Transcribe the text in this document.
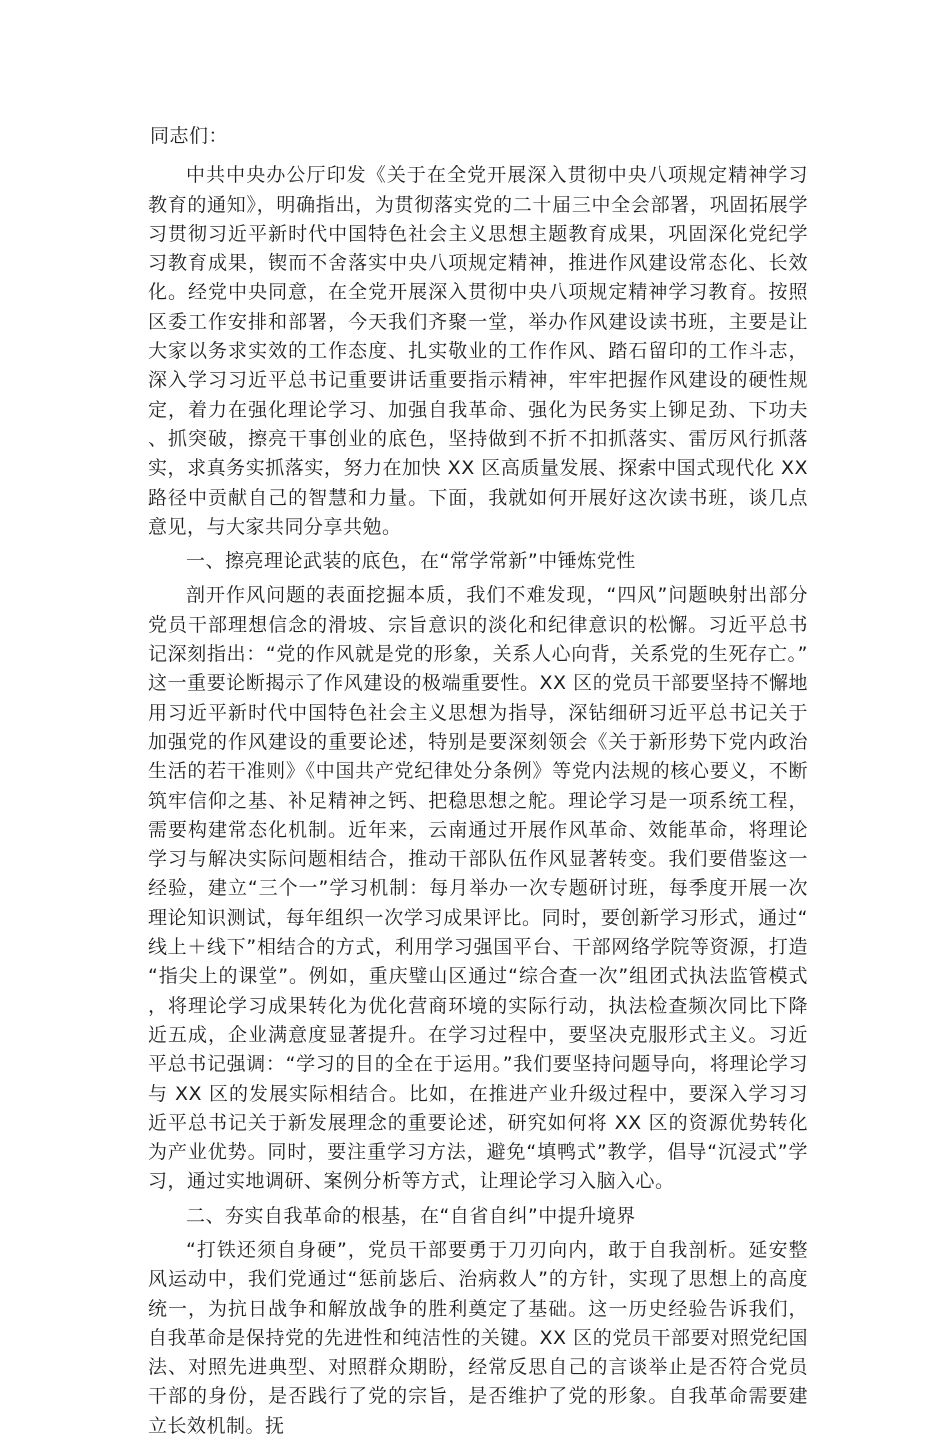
同志们：

中共中央办公厅印发《关于在全党开展深入贯彻中央八项规定精神学习教育的通知》，明确指出，为贯彻落实党的二十届三中全会部署，巩固拓展学习贯彻习近平新时代中国特色社会主义思想主题教育成果，巩固深化党纪学习教育成果，锲而不舍落实中央八项规定精神，推进作风建设常态化、长效化。经党中央同意，在全党开展深入贯彻中央八项规定精神学习教育。按照区委工作安排和部署，今天我们齐聚一堂，举办作风建设读书班，主要是让大家以务求实效的工作态度、扎实敬业的工作作风、踏石留印的工作斗志，深入学习习近平总书记重要讲话重要指示精神，牢牢把握作风建设的硬性规定，着力在强化理论学习、加强自我革命、强化为民务实上铆足劲、下功夫、抓突破，擦亮干事创业的底色，坚持做到不折不扣抓落实、雷厉风行抓落实，求真务实抓落实，努力在加快 XX 区高质量发展、探索中国式现代化 XX 路径中贡献自己的智慧和力量。下面，我就如何开展好这次读书班，谈几点意见，与大家共同分享共勉。

一、擦亮理论武装的底色，在“常学常新”中锤炼党性

剖开作风问题的表面挖掘本质，我们不难发现，“四风”问题映射出部分党员干部理想信念的滑坡、宗旨意识的淡化和纪律意识的松懈。习近平总书记深刻指出：“党的作风就是党的形象，关系人心向背，关系党的生死存亡。”这一重要论断揭示了作风建设的极端重要性。XX 区的党员干部要坚持不懈地用习近平新时代中国特色社会主义思想为指导，深钻细研习近平总书记关于加强党的作风建设的重要论述，特别是要深刻领会《关于新形势下党内政治生活的若干准则》《中国共产党纪律处分条例》等党内法规的核心要义，不断筑牢信仰之基、补足精神之钙、把稳思想之舵。理论学习是一项系统工程，需要构建常态化机制。近年来，云南通过开展作风革命、效能革命，将理论学习与解决实际问题相结合，推动干部队伍作风显著转变。我们要借鉴这一经验，建立“三个一”学习机制：每月举办一次专题研讨班，每季度开展一次理论知识测试，每年组织一次学习成果评比。同时，要创新学习形式，通过“线上＋线下”相结合的方式，利用学习强国平台、干部网络学院等资源，打造“指尖上的课堂”。例如，重庆璧山区通过“综合查一次”组团式执法监管模式，将理论学习成果转化为优化营商环境的实际行动，执法检查频次同比下降近五成，企业满意度显著提升。在学习过程中，要坚决克服形式主义。习近平总书记强调：“学习的目的全在于运用。”我们要坚持问题导向，将理论学习与 XX 区的发展实际相结合。比如，在推进产业升级过程中，要深入学习习近平总书记关于新发展理念的重要论述，研究如何将 XX 区的资源优势转化为产业优势。同时，要注重学习方法，避免“填鸭式”教学，倡导“沉浸式”学习，通过实地调研、案例分析等方式，让理论学习入脑入心。

二、夯实自我革命的根基，在“自省自纠”中提升境界

“打铁还须自身硬”，党员干部要勇于刀刃向内，敢于自我剖析。延安整风运动中，我们党通过“惩前毖后、治病救人”的方针，实现了思想上的高度统一，为抗日战争和解放战争的胜利奠定了基础。这一历史经验告诉我们，自我革命是保持党的先进性和纯洁性的关键。XX 区的党员干部要对照党纪国法、对照先进典型、对照群众期盼，经常反思自己的言谈举止是否符合党员干部的身份，是否践行了党的宗旨，是否维护了党的形象。自我革命需要建立长效机制。抚
